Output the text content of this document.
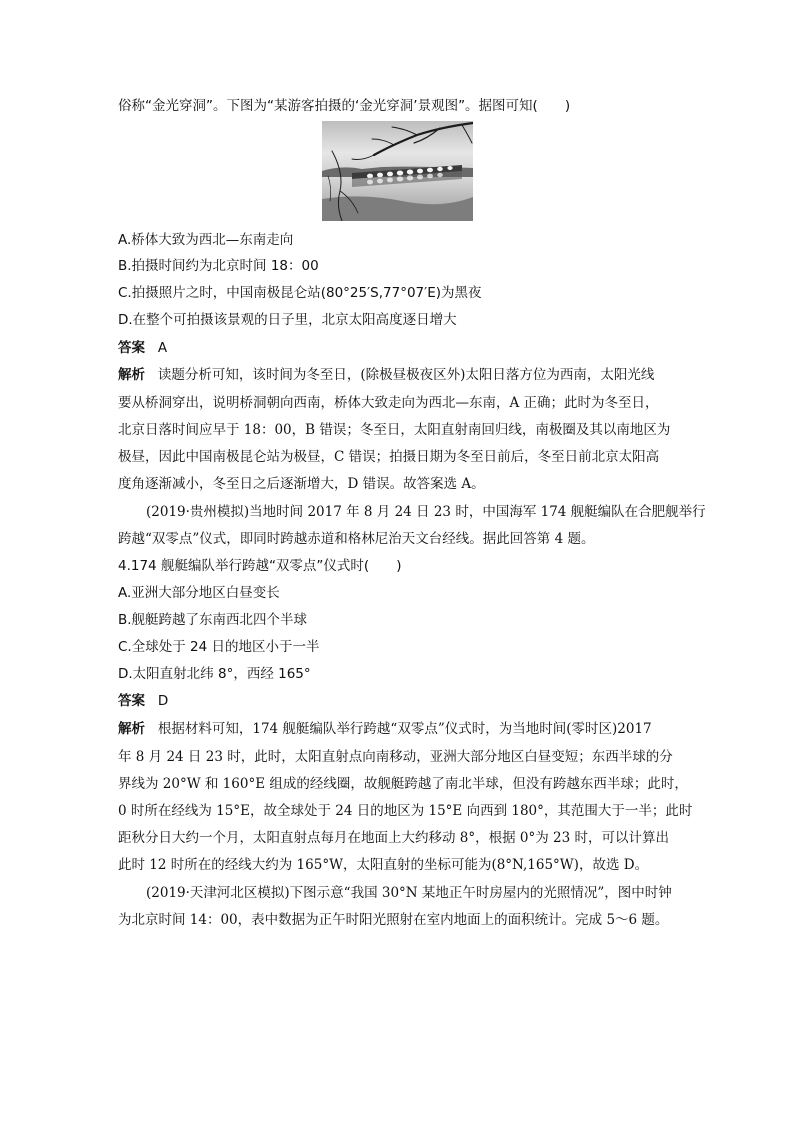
俗称“金光穿洞”。下图为“某游客拍摄的‘金光穿洞’景观图”。据图可知(　　)
A.桥体大致为西北—东南走向
B.拍摄时间约为北京时间 18：00
C.拍摄照片之时，中国南极昆仑站(80°25′S,77°07′E)为黑夜
D.在整个可拍摄该景观的日子里，北京太阳高度逐日增大
答案 A
解析 读题分析可知，该时间为冬至日，(除极昼极夜区外)太阳日落方位为西南，太阳光线
要从桥洞穿出，说明桥洞朝向西南，桥体大致走向为西北—东南，A 正确；此时为冬至日，
北京日落时间应早于 18：00，B 错误；冬至日，太阳直射南回归线，南极圈及其以南地区为
极昼，因此中国南极昆仑站为极昼，C 错误；拍摄日期为冬至日前后，冬至日前北京太阳高
度角逐渐减小，冬至日之后逐渐增大，D 错误。故答案选 A。
(2019·贵州模拟)当地时间 2017 年 8 月 24 日 23 时，中国海军 174 舰艇编队在合肥舰举行
跨越“双零点”仪式，即同时跨越赤道和格林尼治天文台经线。据此回答第 4 题。
4.174 舰艇编队举行跨越“双零点”仪式时(　　)
A.亚洲大部分地区白昼变长
B.舰艇跨越了东南西北四个半球
C.全球处于 24 日的地区小于一半
D.太阳直射北纬 8°，西经 165°
答案 D
解析 根据材料可知，174 舰艇编队举行跨越“双零点”仪式时，为当地时间(零时区)2017
年 8 月 24 日 23 时，此时，太阳直射点向南移动，亚洲大部分地区白昼变短；东西半球的分
界线为 20°W 和 160°E 组成的经线圈，故舰艇跨越了南北半球，但没有跨越东西半球；此时，
0 时所在经线为 15°E，故全球处于 24 日的地区为 15°E 向西到 180°，其范围大于一半；此时
距秋分日大约一个月，太阳直射点每月在地面上大约移动 8°，根据 0°为 23 时，可以计算出
此时 12 时所在的经线大约为 165°W，太阳直射的坐标可能为(8°N,165°W)，故选 D。
(2019·天津河北区模拟)下图示意“我国 30°N 某地正午时房屋内的光照情况”，图中时钟
为北京时间 14：00，表中数据为正午时阳光照射在室内地面上的面积统计。完成 5～6 题。
